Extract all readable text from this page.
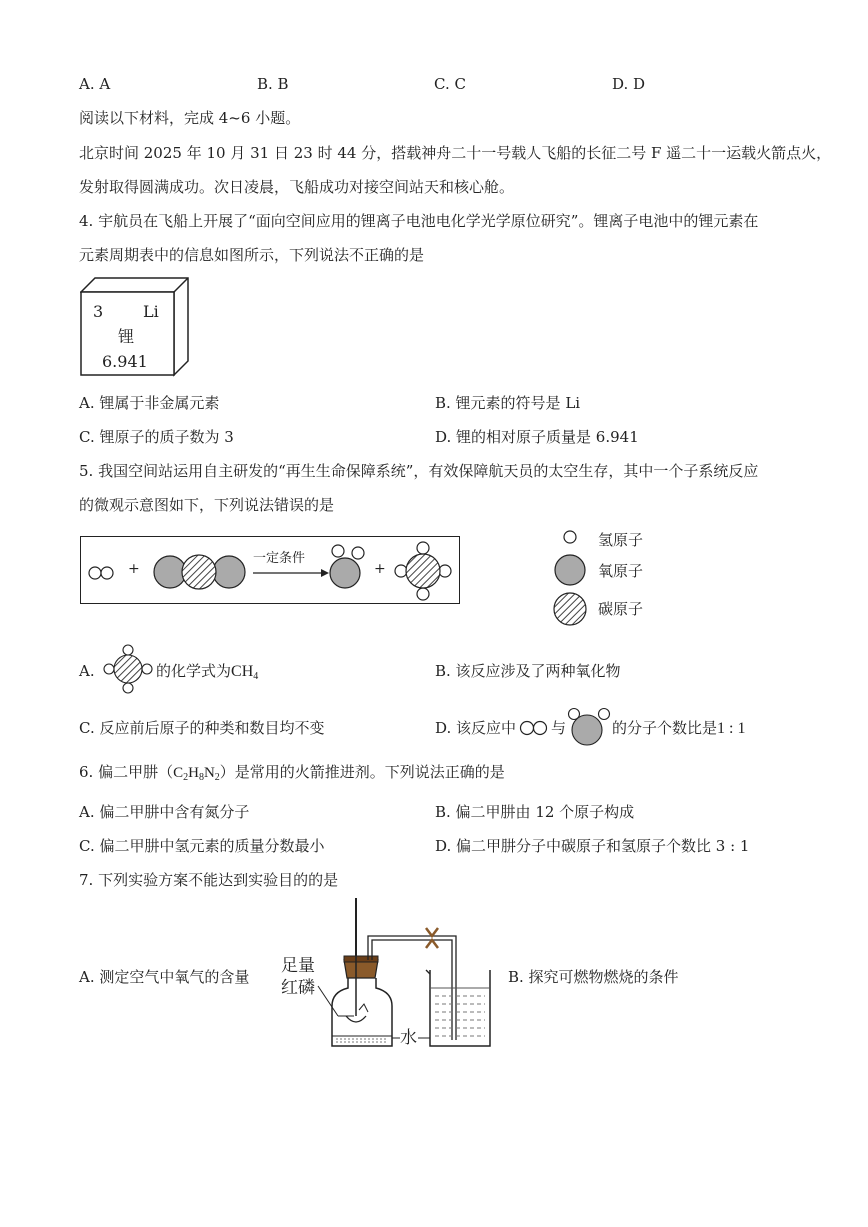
A. A	B. B	C. C	D. D
阅读以下材料，完成 4~6 小题。
北京时间 2025 年 10 月 31 日 23 时 44 分，搭载神舟二十一号载人飞船的长征二号 F 遥二十一运载火箭点火，
发射取得圆满成功。次日凌晨，飞船成功对接空间站天和核心舱。
4. 宇航员在飞船上开展了“面向空间应用的锂离子电池电化学光学原位研究”。锂离子电池中的锂元素在
元素周期表中的信息如图所示，下列说法不正确的是
3 Li
锂
6.941
A. 锂属于非金属元素	B. 锂元素的符号是 Li
C. 锂原子的质子数为 3	D. 锂的相对原子质量是 6.941
5. 我国空间站运用自主研发的“再生生命保障系统”，有效保障航天员的太空生存，其中一个子系统反应
的微观示意图如下，下列说法错误的是
+
一定条件
+
氢原子
氧原子
碳原子
A.	的化学式为$CH_4$	B. 该反应涉及了两种氧化物
C. 反应前后原子的种类和数目均不变	D. 该反应中 与	的分子个数比是1 : 1
6. 偏二甲肼$(C_2H_8N_2)$是常用的火箭推进剂。下列说法正确的是
A. 偏二甲肼中含有氮分子	B. 偏二甲肼由 12 个原子构成
C. 偏二甲肼中氢元素的质量分数最小	D. 偏二甲肼分子中碳原子和氢原子个数比 3 : 1
7. 下列实验方案不能达到实验目的的是
A. 测定空气中氧气的含量	B. 探究可燃物燃烧的条件
足量
红磷
水
